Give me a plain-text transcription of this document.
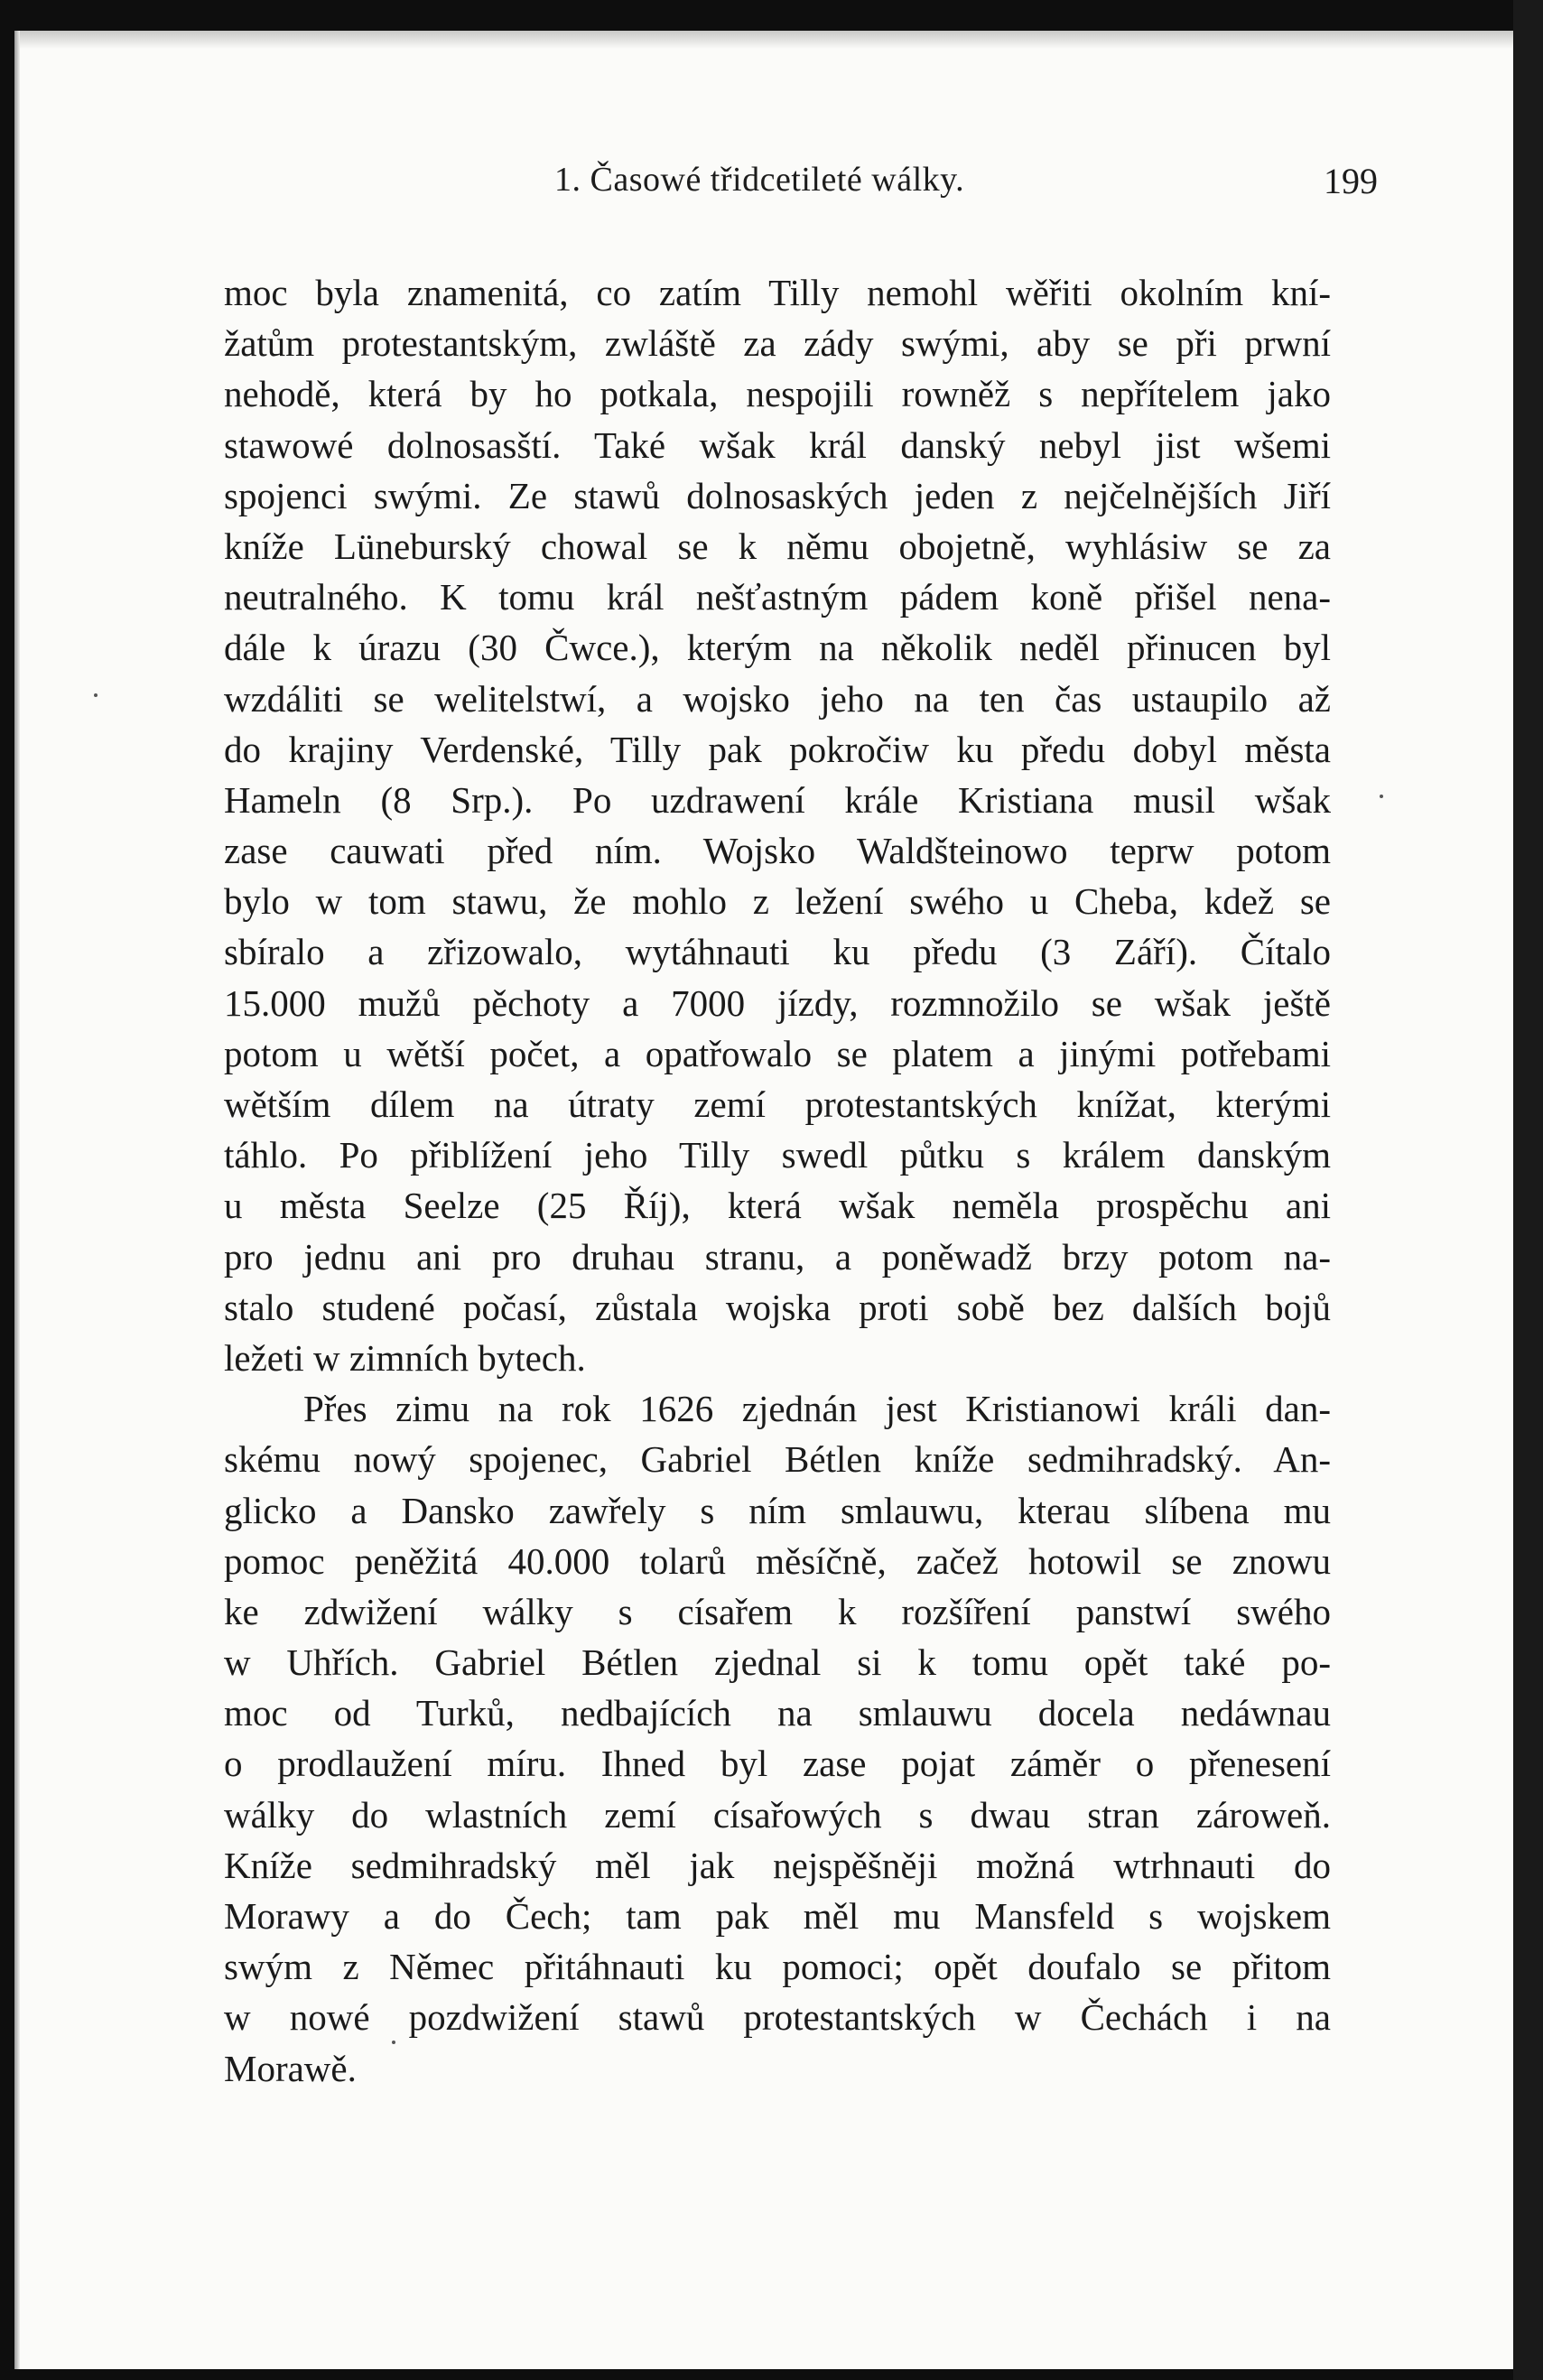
1. Časowé třidcetileté wálky.	199
moc byla znamenitá, co zatím Tilly nemohl wěřiti okolním kní-
žatům protestantským, zwláště za zády swými, aby se při prwní
nehodě, která by ho potkala, nespojili rowněž s nepřítelem jako
stawowé dolnosasští. Také wšak král danský nebyl jist wšemi
spojenci swými. Ze stawů dolnosaských jeden z nejčelnějších Jiří
kníže Lüneburský chowal se k němu obojetně, wyhlásiw se za
neutralného. K tomu král nešťastným pádem koně přišel nena-
dále k úrazu (30 Čwce.), kterým na několik neděl přinucen byl
wzdáliti se welitelstwí, a wojsko jeho na ten čas ustaupilo až
do krajiny Verdenské, Tilly pak pokročiw ku předu dobyl města
Hameln (8 Srp.). Po uzdrawení krále Kristiana musil wšak
zase cauwati před ním. Wojsko Waldšteinowo teprw potom
bylo w tom stawu, že mohlo z ležení swého u Cheba, kdež se
sbíralo a zřizowalo, wytáhnauti ku předu (3 Září). Čítalo
15.000 mužů pěchoty a 7000 jízdy, rozmnožilo se wšak ještě
potom u wětší počet, a opatřowalo se platem a jinými potřebami
wětším dílem na útraty zemí protestantských knížat, kterými
táhlo. Po přiblížení jeho Tilly swedl půtku s králem danským
u města Seelze (25 Říj), která wšak neměla prospěchu ani
pro jednu ani pro druhau stranu, a poněwadž brzy potom na-
stalo studené počasí, zůstala wojska proti sobě bez dalších bojů
ležeti w zimních bytech.
Přes zimu na rok 1626 zjednán jest Kristianowi králi dan-
skému nowý spojenec, Gabriel Bétlen kníže sedmihradský. An-
glicko a Dansko zawřely s ním smlauwu, kterau slíbena mu
pomoc peněžitá 40.000 tolarů měsíčně, začež hotowil se znowu
ke zdwižení wálky s císařem k rozšíření panstwí swého
w Uhřích. Gabriel Bétlen zjednal si k tomu opět také po-
moc od Turků, nedbajících na smlauwu docela nedáwnau
o prodlaužení míru. Ihned byl zase pojat záměr o přenesení
wálky do wlastních zemí císařowých s dwau stran zároweň.
Kníže sedmihradský měl jak nejspěšněji možná wtrhnauti do
Morawy a do Čech; tam pak měl mu Mansfeld s wojskem
swým z Němec přitáhnauti ku pomoci; opět doufalo se přitom
w nowé pozdwižení stawů protestantských w Čechách i na
Morawě.
